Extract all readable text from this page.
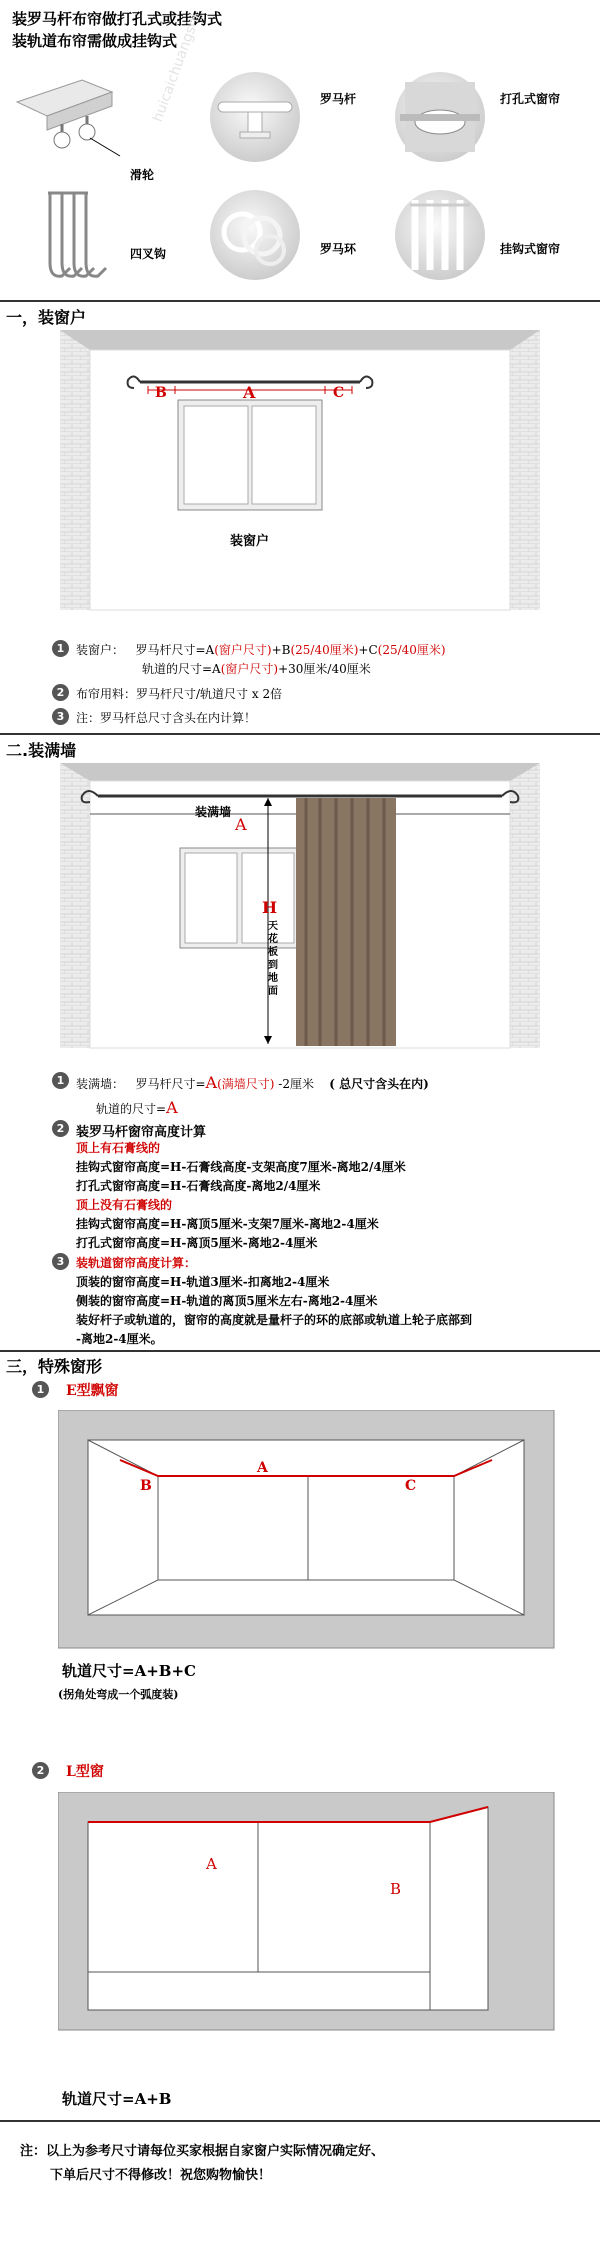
装罗马杆布帘做打孔式或挂钩式
装轨道布帘需做成挂钩式
huicaichuangshi
滑轮
四叉钩
罗马杆	打孔式窗帘
罗马环	挂钩式窗帘
一，装窗户
B	A	C
装窗户
1 装窗户： 罗马杆尺寸=A(窗户尺寸)+B(25/40厘米)+C(25/40厘米)
轨道的尺寸=A(窗户尺寸)+30厘米/40厘米
2 布帘用料：罗马杆尺寸/轨道尺寸 x 2倍
3 注：罗马杆总尺寸含头在内计算！
二.装满墙
装满墙
A
H
天花板到地面
1 装满墙： 罗马杆尺寸=A(满墙尺寸) -2厘米 ( 总尺寸含头在内)
轨道的尺寸=A
2 装罗马杆窗帘高度计算
顶上有石膏线的
挂钩式窗帘高度=H-石膏线高度-支架高度7厘米-离地2/4厘米
打孔式窗帘高度=H-石膏线高度-离地2/4厘米
顶上没有石膏线的
挂钩式窗帘高度=H-离顶5厘米-支架7厘米-离地2-4厘米
打孔式窗帘高度=H-离顶5厘米-离地2-4厘米
3 装轨道窗帘高度计算：
顶装的窗帘高度=H-轨道3厘米-扣离地2-4厘米
侧装的窗帘高度=H-轨道的离顶5厘米左右-离地2-4厘米
装好杆子或轨道的，窗帘的高度就是量杆子的环的底部或轨道上轮子底部到
-离地2-4厘米。
三，特殊窗形
1	E型飘窗
B
A
C
轨道尺寸=A+B+C
(拐角处弯成一个弧度装)
2	L型窗
A
B
轨道尺寸=A+B
注：以上为参考尺寸请每位买家根据自家窗户实际情况确定好、
下单后尺寸不得修改！祝您购物愉快！
